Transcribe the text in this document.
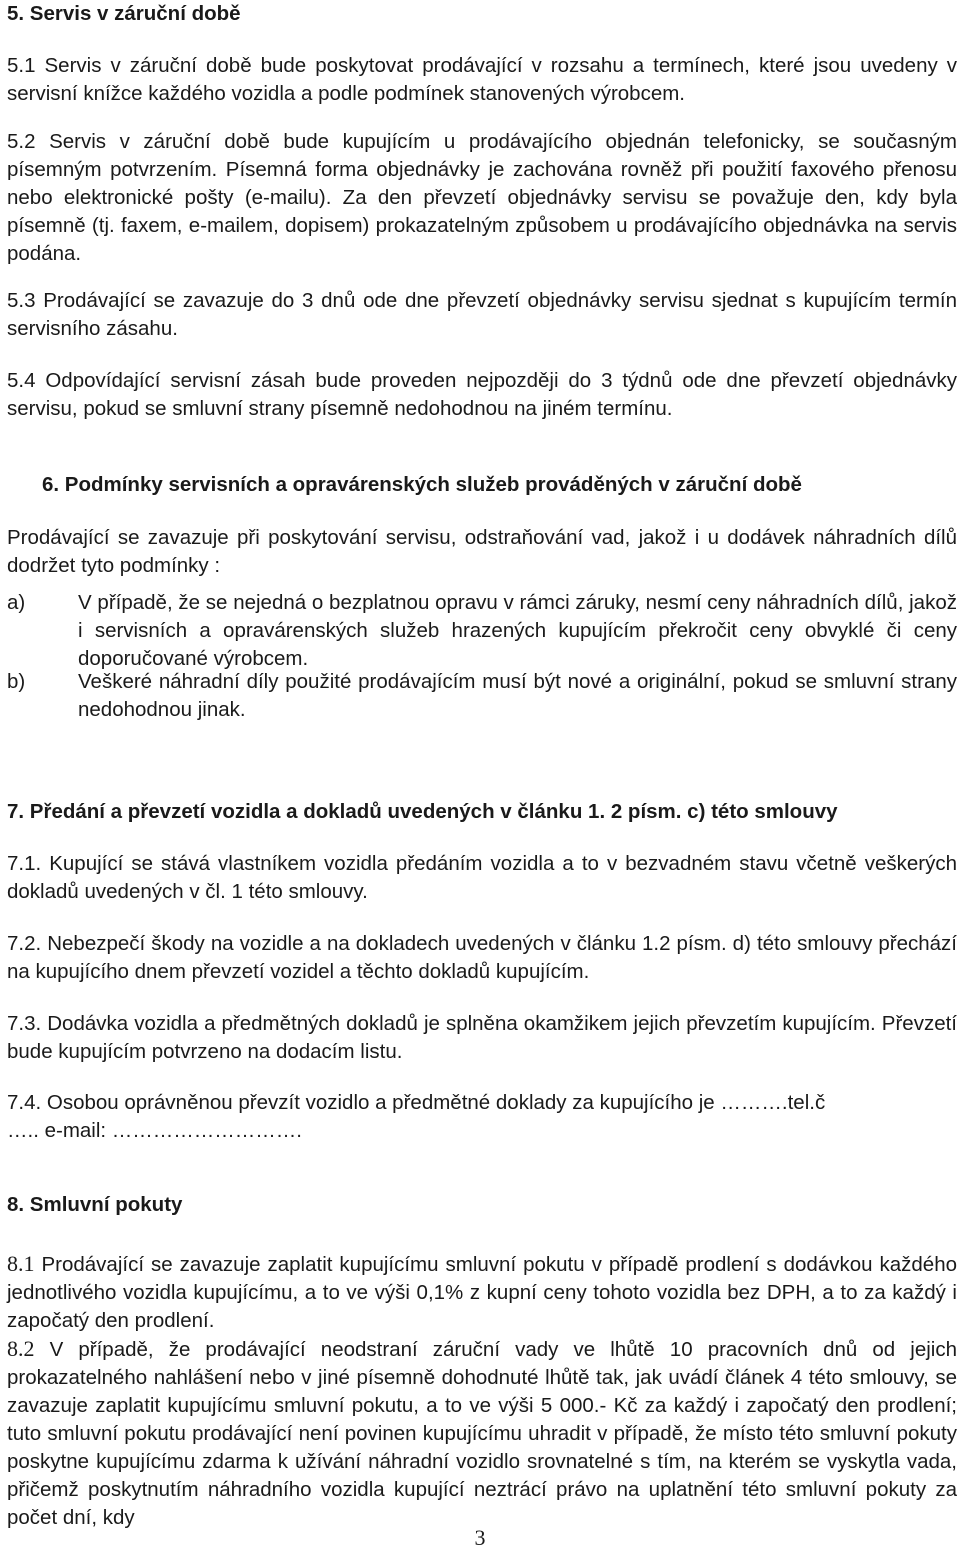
5. Servis v záruční době

5.1 Servis v záruční době bude poskytovat prodávající v rozsahu a termínech, které jsou uvedeny v servisní knížce každého vozidla a podle podmínek stanovených výrobcem.

5.2 Servis v záruční době bude kupujícím u prodávajícího objednán telefonicky, se současným písemným potvrzením. Písemná forma objednávky je zachována rovněž při použití faxového přenosu nebo elektronické pošty (e-mailu). Za den převzetí objednávky servisu se považuje den, kdy byla písemně (tj. faxem, e-mailem, dopisem) prokazatelným způsobem u prodávajícího objednávka na servis podána.

5.3 Prodávající se zavazuje do 3 dnů ode dne převzetí objednávky servisu sjednat s kupujícím termín servisního zásahu.

5.4 Odpovídající servisní zásah bude proveden nejpozději do 3 týdnů ode dne převzetí objednávky servisu, pokud se smluvní strany písemně nedohodnou na jiném termínu.

6. Podmínky servisních a opravárenských služeb prováděných v záruční době

Prodávající se zavazuje při poskytování servisu, odstraňování vad, jakož i u dodávek náhradních dílů dodržet tyto podmínky :

a)	V případě, že se nejedná o bezplatnou opravu v rámci záruky, nesmí ceny náhradních dílů, jakož i servisních a opravárenských služeb hrazených kupujícím překročit ceny obvyklé či ceny doporučované výrobcem.
b)	Veškeré náhradní díly použité prodávajícím musí být nové a originální, pokud se smluvní strany nedohodnou jinak.
7. Předání a převzetí vozidla a dokladů uvedených v článku 1. 2 písm. c) této smlouvy

7.1. Kupující se stává vlastníkem vozidla předáním vozidla a to v bezvadném stavu včetně veškerých dokladů uvedených v čl. 1 této smlouvy.

7.2. Nebezpečí škody na vozidle a na dokladech uvedených v článku 1.2 písm. d) této smlouvy přechází na kupujícího dnem převzetí vozidel a těchto dokladů kupujícím.

7.3. Dodávka vozidla a předmětných dokladů je splněna okamžikem jejich převzetím kupujícím. Převzetí bude kupujícím potvrzeno na dodacím listu.

7.4. Osobou oprávněnou převzít vozidlo a předmětné doklady za kupujícího je ……….tel.č
….. e-mail: ……………………….
8. Smluvní pokuty

8.1 Prodávající se zavazuje zaplatit kupujícímu smluvní pokutu v případě prodlení s dodávkou každého jednotlivého vozidla kupujícímu, a to ve výši 0,1% z kupní ceny tohoto vozidla bez DPH, a to za každý i započatý den prodlení.

8.2 V případě, že prodávající neodstraní záruční vady ve lhůtě 10 pracovních dnů od jejich prokazatelného nahlášení nebo v jiné písemně dohodnuté lhůtě tak, jak uvádí článek 4 této smlouvy, se zavazuje zaplatit kupujícímu smluvní pokutu, a to ve výši 5 000.- Kč za každý i započatý den prodlení; tuto smluvní pokutu prodávající není povinen kupujícímu uhradit v případě, že místo této smluvní pokuty poskytne kupujícímu zdarma k užívání náhradní vozidlo srovnatelné s tím, na kterém se vyskytla vada, přičemž poskytnutím náhradního vozidla kupující neztrácí právo na uplatnění této smluvní pokuty za počet dní, kdy

3
